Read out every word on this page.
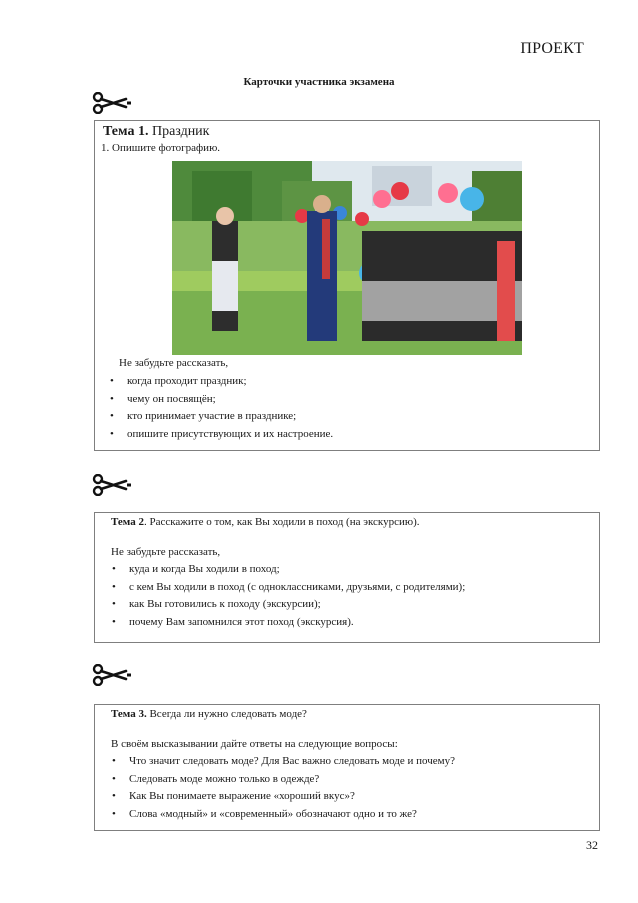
ПРОЕКТ
Карточки участника экзамена
Тема 1. Праздник
1. Опишите фотографию.
Не забудьте рассказать,
• когда проходит праздник;
• чему он посвящён;
• кто принимает участие в празднике;
• опишите присутствующих и их настроение.
Тема 2. Расскажите о том, как Вы ходили в поход (на экскурсию).
Не забудьте рассказать,
• куда и когда Вы ходили в поход;
• с кем Вы ходили в поход (с одноклассниками, друзьями, с родителями);
• как Вы готовились к походу (экскурсии);
• почему Вам запомнился этот поход (экскурсия).
Тема 3. Всегда ли нужно следовать моде?
В своём высказывании дайте ответы на следующие вопросы:
• Что значит следовать моде? Для Вас важно следовать моде и почему?
• Следовать моде можно только в одежде?
• Как Вы понимаете выражение «хороший вкус»?
• Слова «модный» и «современный» обозначают одно и то же?
32
